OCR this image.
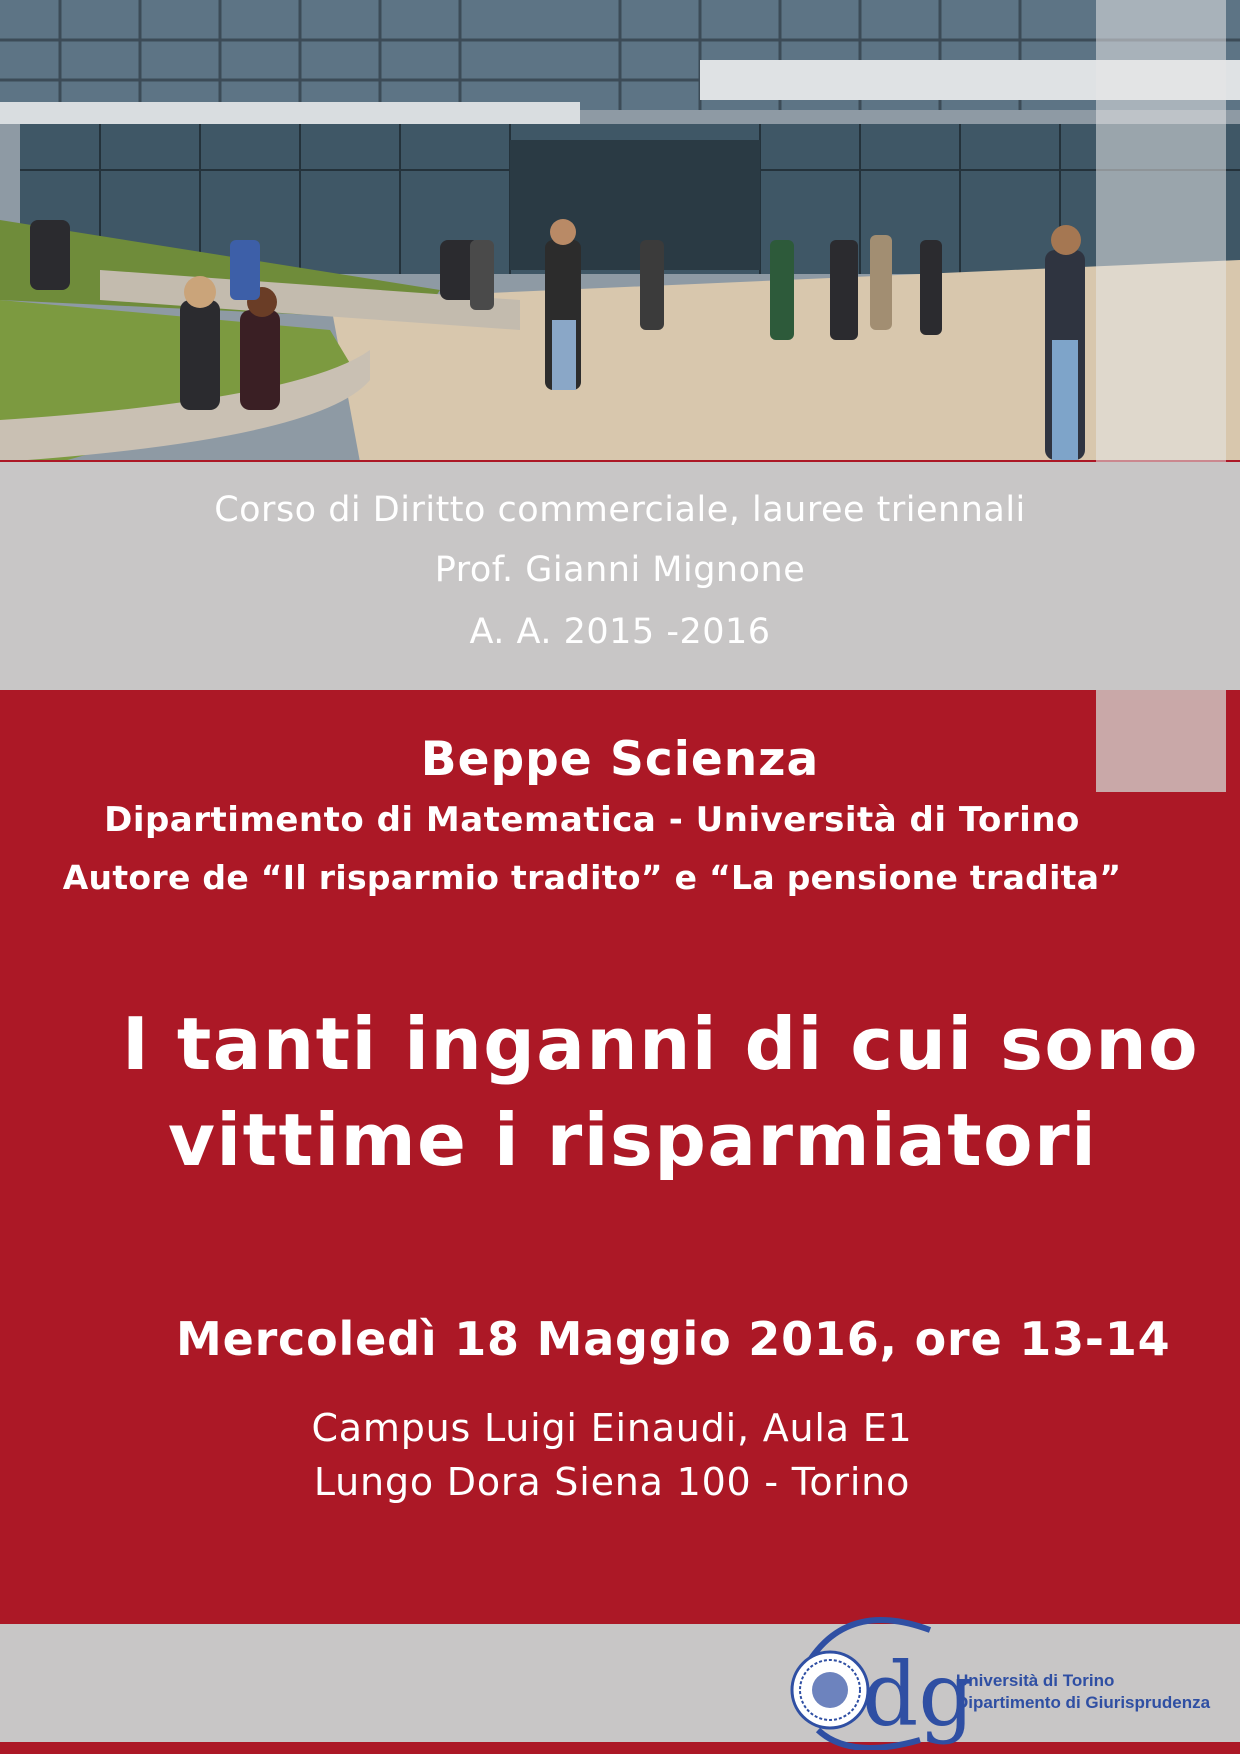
Corso di Diritto commerciale, lauree triennali
Prof. Gianni Mignone
A. A. 2015 -2016
Beppe Scienza
Dipartimento di Matematica - Università di Torino
Autore de “Il risparmio tradito” e “La pensione tradita”
I tanti inganni di cui sono
vittime i risparmiatori
Mercoledì 18 Maggio 2016, ore 13-14
Campus Luigi Einaudi, Aula E1
Lungo Dora Siena 100 - Torino
dg
Università di Torino
Dipartimento di Giurisprudenza
